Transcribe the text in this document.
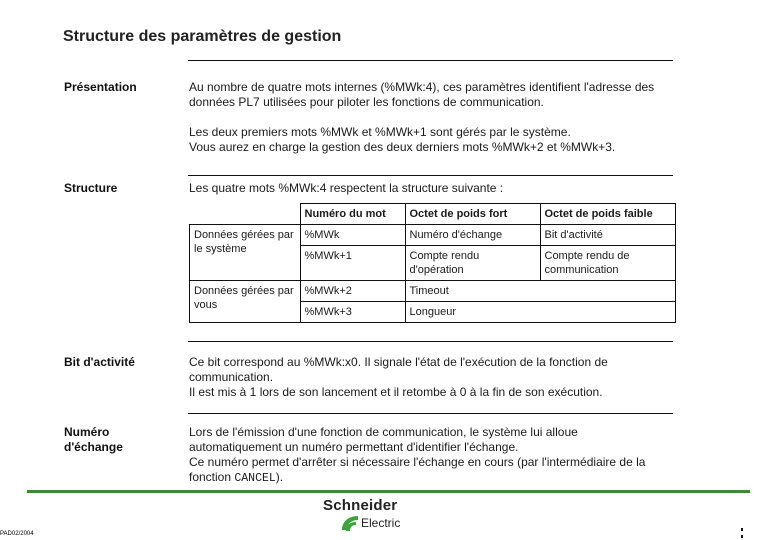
Structure des paramètres de gestion
Présentation	Au nombre de quatre mots internes (%MWk:4), ces paramètres identifient l'adresse des données PL7 utilisées pour piloter les fonctions de communication.

Les deux premiers mots %MWk et %MWk+1 sont gérés par le système.

Vous aurez en charge la gestion des deux derniers mots %MWk+2 et %MWk+3.

Structure	Les quatre mots %MWk:4 respectent la structure suivante :
	Numéro du mot	Octet de poids fort	Octet de poids faible
Données gérées par le système	%MWk	Numéro d'échange	Bit d'activité
	%MWk+1	Compte rendu d'opération	Compte rendu de communication
Données gérées par vous	%MWk+2	Timeout	
	%MWk+3	Longueur	
Bit d'activité	Ce bit correspond au %MWk:x0. Il signale l'état de l'exécution de la fonction de communication.

Il est mis à 1 lors de son lancement et il retombe à 0 à la fin de son exécution.

Numéro
d'échange

Lors de l'émission d'une fonction de communication, le système lui alloue automatiquement un numéro permettant d'identifier l'échange.

Ce numéro permet d'arrêter si nécessaire l'échange en cours (par l'intermédiaire de la fonction CANCEL).

Schneider
Electric
PAD02/2004
